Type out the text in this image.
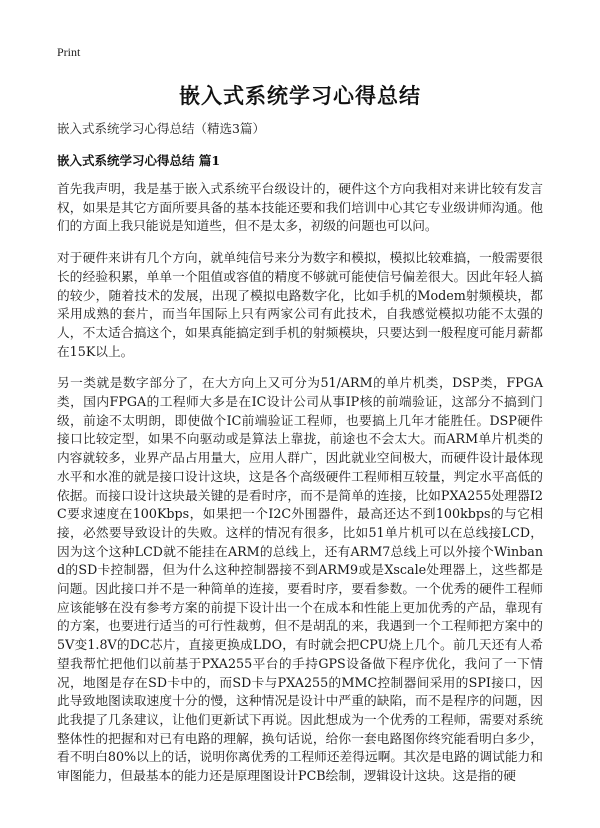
Print
嵌入式系统学习心得总结
嵌入式系统学习心得总结（精选3篇）
嵌入式系统学习心得总结 篇1

首先我声明，我是基于嵌入式系统平台级设计的，硬件这个方向我相对来讲比较有发言权，如果是其它方面所要具备的基本技能还要和我们培训中心其它专业级讲师沟通。他们的方面上我只能说是知道些，但不是太多，初级的问题也可以问。

对于硬件来讲有几个方向，就单纯信号来分为数字和模拟，模拟比较难搞，一般需要很长的经验积累，单单一个阻值或容值的精度不够就可能使信号偏差很大。因此年轻人搞的较少，随着技术的发展，出现了模拟电路数字化，比如手机的Modem射频模块，都采用成熟的套片，而当年国际上只有两家公司有此技术，自我感觉模拟功能不太强的人，不太适合搞这个，如果真能搞定到手机的射频模块，只要达到一般程度可能月薪都在15K以上。

另一类就是数字部分了，在大方向上又可分为51/ARM的单片机类，DSP类，FPGA类，国内FPGA的工程师大多是在IC设计公司从事IP核的前端验证，这部分不搞到门级，前途不太明朗，即使做个IC前端验证工程师，也要搞上几年才能胜任。DSP硬件接口比较定型，如果不向驱动或是算法上靠拢，前途也不会太大。而ARM单片机类的内容就较多，业界产品占用量大，应用人群广，因此就业空间极大，而硬件设计最体现水平和水准的就是接口设计这块，这是各个高级硬件工程师相互较量，判定水平高低的依据。而接口设计这块最关键的是看时序，而不是简单的连接，比如PXA255处理器I2C要求速度在100Kbps，如果把一个I2C外围器件，最高还达不到100kbps的与它相接，必然要导致设计的失败。这样的情况有很多，比如51单片机可以在总线接LCD，因为这个这种LCD就不能挂在ARM的总线上，还有ARM7总线上可以外接个Winband的SD卡控制器，但为什么这种控制器接不到ARM9或是Xscale处理器上，这些都是问题。因此接口并不是一种简单的连接，要看时序，要看参数。一个优秀的硬件工程师应该能够在没有参考方案的前提下设计出一个在成本和性能上更加优秀的产品，靠现有的方案，也要进行适当的可行性裁剪，但不是胡乱的来，我遇到一个工程师把方案中的5V变1.8V的DC芯片，直接更换成LDO，有时就会把CPU烧上几个。前几天还有人希望我帮忙把他们以前基于PXA255平台的手持GPS设备做下程序优化，我问了一下情况，地图是存在SD卡中的，而SD卡与PXA255的MMC控制器间采用的SPI接口，因此导致地图读取速度十分的慢，这种情况是设计中严重的缺陷，而不是程序的问题，因此我提了几条建议，让他们更新试下再说。因此想成为一个优秀的工程师，需要对系统整体性的把握和对已有电路的理解，换句话说，给你一套电路图你终究能看明白多少，看不明白80%以上的话，说明你离优秀的工程师还差得远啊。其次是电路的调试能力和审图能力，但最基本的能力还是原理图设计PCB绘制，逻辑设计这块。这是指的硬
